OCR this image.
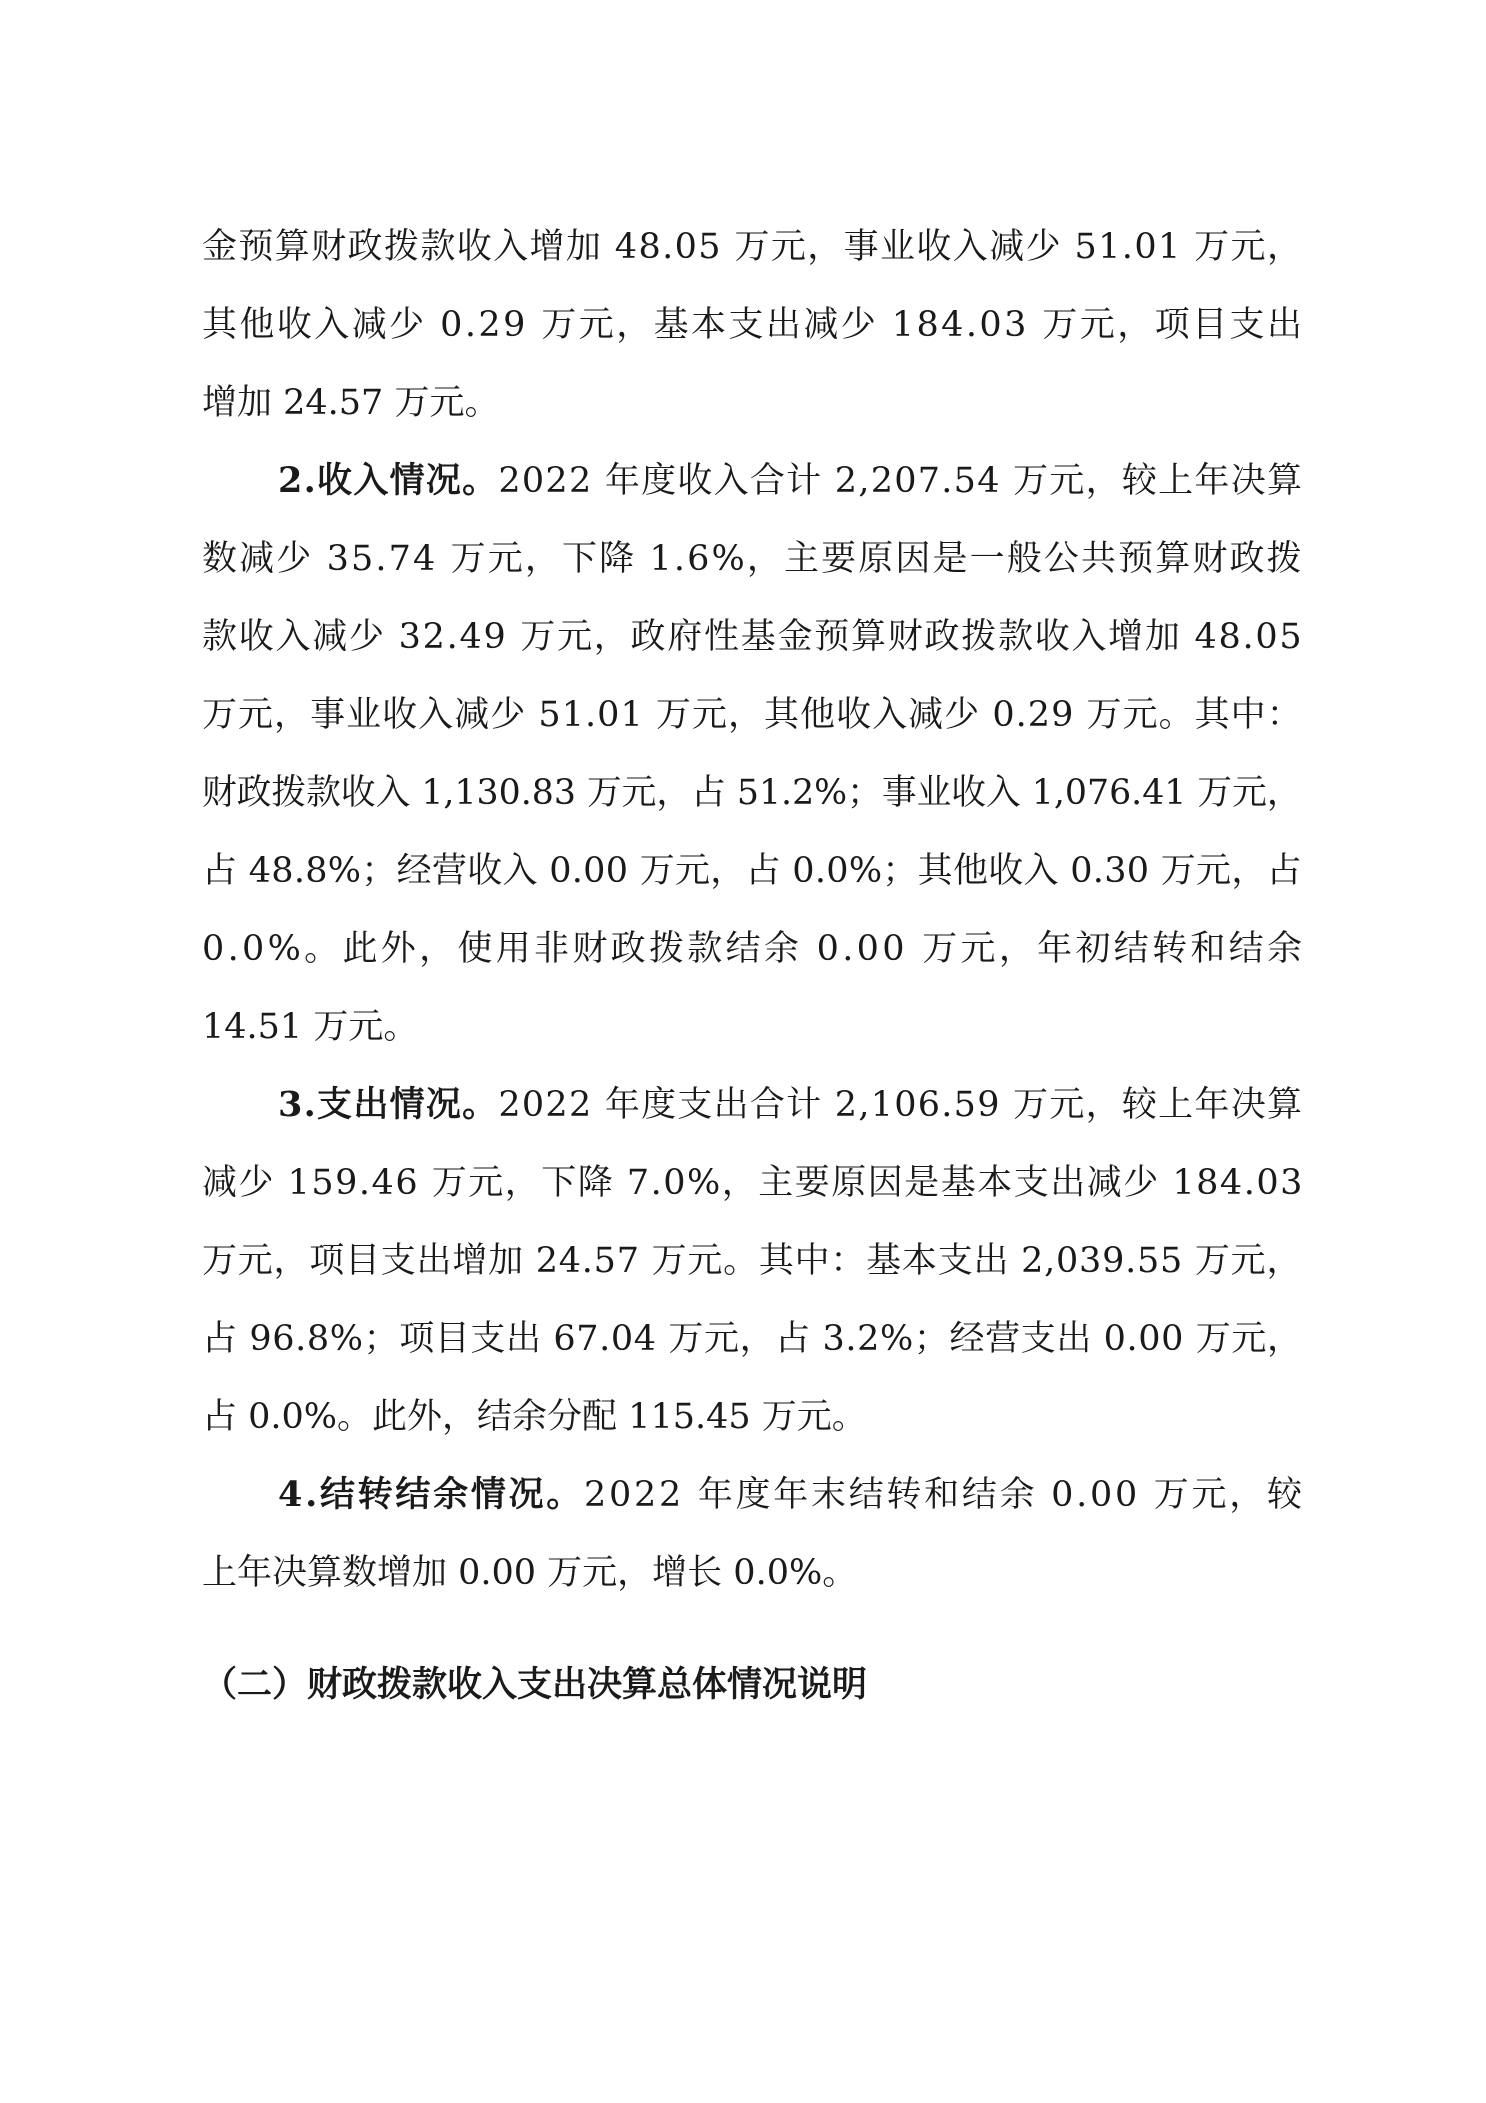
金预算财政拨款收入增加 48.05 万元，事业收入减少 51.01 万元，
其他收入减少 0.29 万元，基本支出减少 184.03 万元，项目支出
增加 24.57 万元。
2.收入情况。2022 年度收入合计 2,207.54 万元，较上年决算
数减少 35.74 万元，下降 1.6%，主要原因是一般公共预算财政拨
款收入减少 32.49 万元，政府性基金预算财政拨款收入增加 48.05
万元，事业收入减少 51.01 万元，其他收入减少 0.29 万元。其中：
财政拨款收入 1,130.83 万元，占 51.2%；事业收入 1,076.41 万元，
占 48.8%；经营收入 0.00 万元，占 0.0%；其他收入 0.30 万元，占
0.0%。此外，使用非财政拨款结余 0.00 万元，年初结转和结余
14.51 万元。
3.支出情况。2022 年度支出合计 2,106.59 万元，较上年决算
减少 159.46 万元，下降 7.0%，主要原因是基本支出减少 184.03
万元，项目支出增加 24.57 万元。其中：基本支出 2,039.55 万元，
占 96.8%；项目支出 67.04 万元，占 3.2%；经营支出 0.00 万元，
占 0.0%。此外，结余分配 115.45 万元。
4.结转结余情况。2022 年度年末结转和结余 0.00 万元，较
上年决算数增加 0.00 万元，增长 0.0%。
（二）财政拨款收入支出决算总体情况说明
